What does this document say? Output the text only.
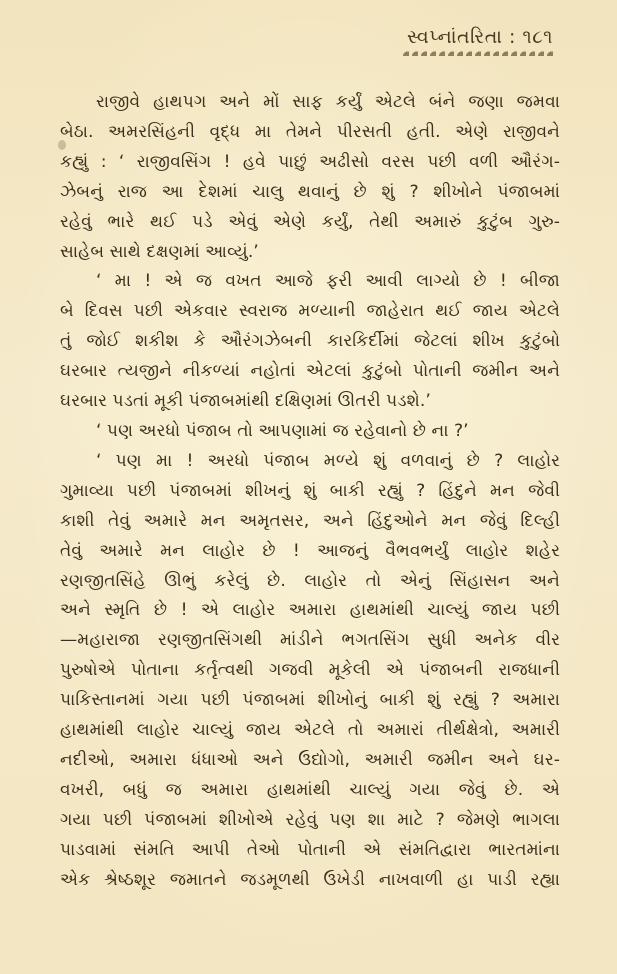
સ્વપ્નાંતરિતા : ૧૮૧

રાજીવે હાથપગ અને મોં સાફ કર્યું એટલે બંને જણા જમવા
બેઠા. અમરસિંહની વૃદ્ધ મા તેમને પીરસતી હતી. એણે રાજીવને
કહ્યું : ‘ રાજીવસિંગ ! હવે પાછું અઢીસો વરસ પછી વળી ઔરંગ-
ઝેબનું રાજ આ દેશમાં ચાલુ થવાનું છે શું ? શીખોને પંજાબમાં
રહેવું ભારે થઈ પડે એવું એણે કર્યું, તેથી અમારું કુટુંબ ગુરુ-
સાહેબ સાથે દક્ષણમાં આવ્યું.’

‘ મા ! એ જ વખત આજે ફરી આવી લાગ્યો છે ! બીજા
બે દિવસ પછી એકવાર સ્વરાજ મળ્યાની જાહેરાત થઈ જાય એટલે
તું જોઈ શકીશ કે ઔરંગઝેબની કારકિર્દીમાં જેટલાં શીખ કુટુંબો
ઘરબાર ત્યજીને નીકળ્યાં નહોતાં એટલાં કુટુંબો પોતાની જમીન અને
ઘરબાર પડતાં મૂકી પંજાબમાંથી દક્ષિણમાં ઊતરી પડશે.’

‘ પણ અરધો પંજાબ તો આપણામાં જ રહેવાનો છે ના ?’

‘ પણ મા ! અરધો પંજાબ મળ્યે શું વળવાનું છે ? લાહોર
ગુમાવ્યા પછી પંજાબમાં શીખનું શું બાકી રહ્યું ? હિંદુને મન જેવી
કાશી તેવું અમારે મન અમૃતસર, અને હિંદુઓને મન જેવું દિલ્હી
તેવું અમારે મન લાહોર છે ! આજનું વૈભવભર્યું લાહોર શહેર
રણજીતસિંહે ઊભું કરેલું છે. લાહોર તો એનું સિંહાસન અને
અને સ્મૃતિ છે ! એ લાહોર અમારા હાથમાંથી ચાલ્યું જાય પછી
—મહારાજા રણજીતસિંગથી માંડીને ભગતસિંગ સુધી અનેક વીર
પુરુષોએ પોતાના કર્તૃત્વથી ગજવી મૂકેલી એ પંજાબની રાજધાની
પાકિસ્તાનમાં ગયા પછી પંજાબમાં શીખોનું બાકી શું રહ્યું ? અમારા
હાથમાંથી લાહોર ચાલ્યું જાય એટલે તો અમારાં તીર્થક્ષેત્રો, અમારી
નદીઓ, અમારા ધંધાઓ અને ઉદ્યોગો, અમારી જમીન અને ઘર-
વખરી, બધું જ અમારા હાથમાંથી ચાલ્યું ગયા જેવું છે. એ
ગયા પછી પંજાબમાં શીખોએ રહેવું પણ શા માટે ? જેમણે ભાગલા
પાડવામાં સંમતિ આપી તેઓ પોતાની એ સંમતિદ્વારા ભારતમાંના
એક શ્રેષ્ઠશૂર જમાતને જડમૂળથી ઉખેડી નાખવાળી હા પાડી રહ્યા
